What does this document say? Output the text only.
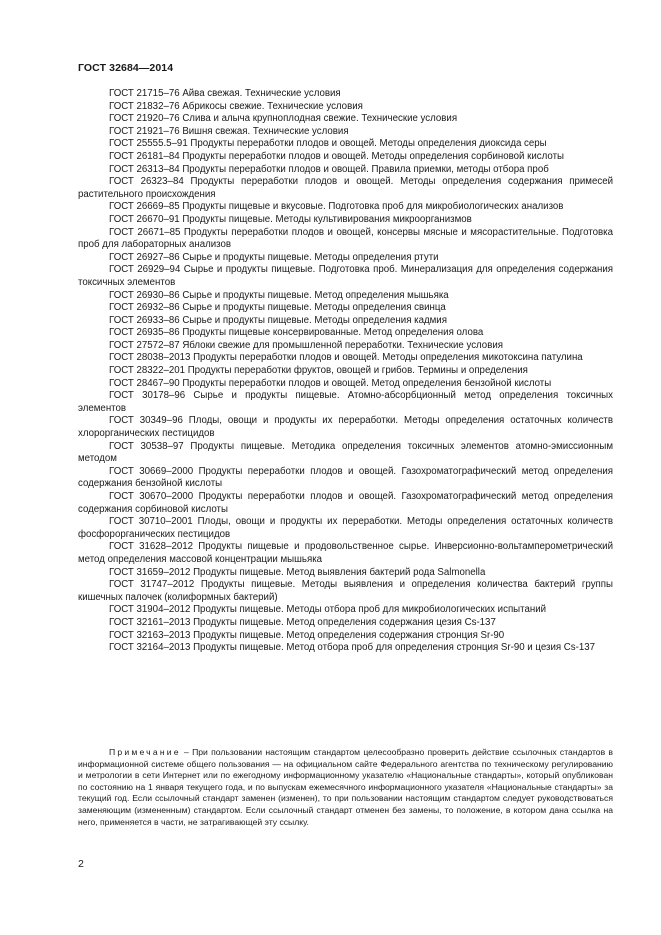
ГОСТ 32684—2014

ГОСТ 21715–76 Айва свежая. Технические условия

ГОСТ 21832–76 Абрикосы свежие. Технические условия

ГОСТ 21920–76 Слива и алыча крупноплодная свежие. Технические условия

ГОСТ 21921–76 Вишня свежая. Технические условия

ГОСТ 25555.5–91 Продукты переработки плодов и овощей. Методы определения диоксида серы

ГОСТ 26181–84 Продукты переработки плодов и овощей. Методы определения сорбиновой кислоты

ГОСТ 26313–84 Продукты переработки плодов и овощей. Правила приемки, методы отбора проб

ГОСТ 26323–84 Продукты переработки плодов и овощей. Методы определения содержания примесей растительного происхождения

ГОСТ 26669–85 Продукты пищевые и вкусовые. Подготовка проб для микробиологических анализов

ГОСТ 26670–91 Продукты пищевые. Методы культивирования микроорганизмов

ГОСТ 26671–85 Продукты переработки плодов и овощей, консервы мясные и мясорастительные. Подготовка проб для лабораторных анализов

ГОСТ 26927–86 Сырье и продукты пищевые. Методы определения ртути

ГОСТ 26929–94 Сырье и продукты пищевые. Подготовка проб. Минерализация для определения содержания токсичных элементов

ГОСТ 26930–86 Сырье и продукты пищевые. Метод определения мышьяка

ГОСТ 26932–86 Сырье и продукты пищевые. Методы определения свинца

ГОСТ 26933–86 Сырье и продукты пищевые. Методы определения кадмия

ГОСТ 26935–86 Продукты пищевые консервированные. Метод определения олова

ГОСТ 27572–87 Яблоки свежие для промышленной переработки. Технические условия

ГОСТ 28038–2013 Продукты переработки плодов и овощей. Методы определения микотоксина патулина

ГОСТ 28322–201 Продукты переработки фруктов, овощей и грибов. Термины и определения

ГОСТ 28467–90 Продукты переработки плодов и овощей. Метод определения бензойной кислоты

ГОСТ 30178–96 Сырье и продукты пищевые. Атомно-абсорбционный метод определения токсичных элементов

ГОСТ 30349–96 Плоды, овощи и продукты их переработки. Методы определения остаточных количеств хлорорганических пестицидов

ГОСТ 30538–97 Продукты пищевые. Методика определения токсичных элементов атомно-эмиссионным методом

ГОСТ 30669–2000 Продукты переработки плодов и овощей. Газохроматографический метод определения содержания бензойной кислоты

ГОСТ 30670–2000 Продукты переработки плодов и овощей. Газохроматографический метод определения содержания сорбиновой кислоты

ГОСТ 30710–2001 Плоды, овощи и продукты их переработки. Методы определения остаточных количеств фосфорорганических пестицидов

ГОСТ 31628–2012 Продукты пищевые и продовольственное сырье. Инверсионно-вольтамперометрический метод определения массовой концентрации мышьяка

ГОСТ 31659–2012 Продукты пищевые. Метод выявления бактерий рода Salmonella

ГОСТ 31747–2012 Продукты пищевые. Методы выявления и определения количества бактерий группы кишечных палочек (колиформных бактерий)

ГОСТ 31904–2012 Продукты пищевые. Методы отбора проб для микробиологических испытаний

ГОСТ 32161–2013 Продукты пищевые. Метод определения содержания цезия Cs-137

ГОСТ 32163–2013 Продукты пищевые. Метод определения содержания стронция Sr-90

ГОСТ 32164–2013 Продукты пищевые. Метод отбора проб для определения стронция Sr-90 и цезия Cs-137

Примечание – При пользовании настоящим стандартом целесообразно проверить действие ссылочных стандартов в информационной системе общего пользования — на официальном сайте Федерального агентства по техническому регулированию и метрологии в сети Интернет или по ежегодному информационному указателю «Национальные стандарты», который опубликован по состоянию на 1 января текущего года, и по выпускам ежемесячного информационного указателя «Национальные стандарты» за текущий год. Если ссылочный стандарт заменен (изменен), то при пользовании настоящим стандартом следует руководствоваться заменяющим (измененным) стандартом. Если ссылочный стандарт отменен без замены, то положение, в котором дана ссылка на него, применяется в части, не затрагивающей эту ссылку.

2
